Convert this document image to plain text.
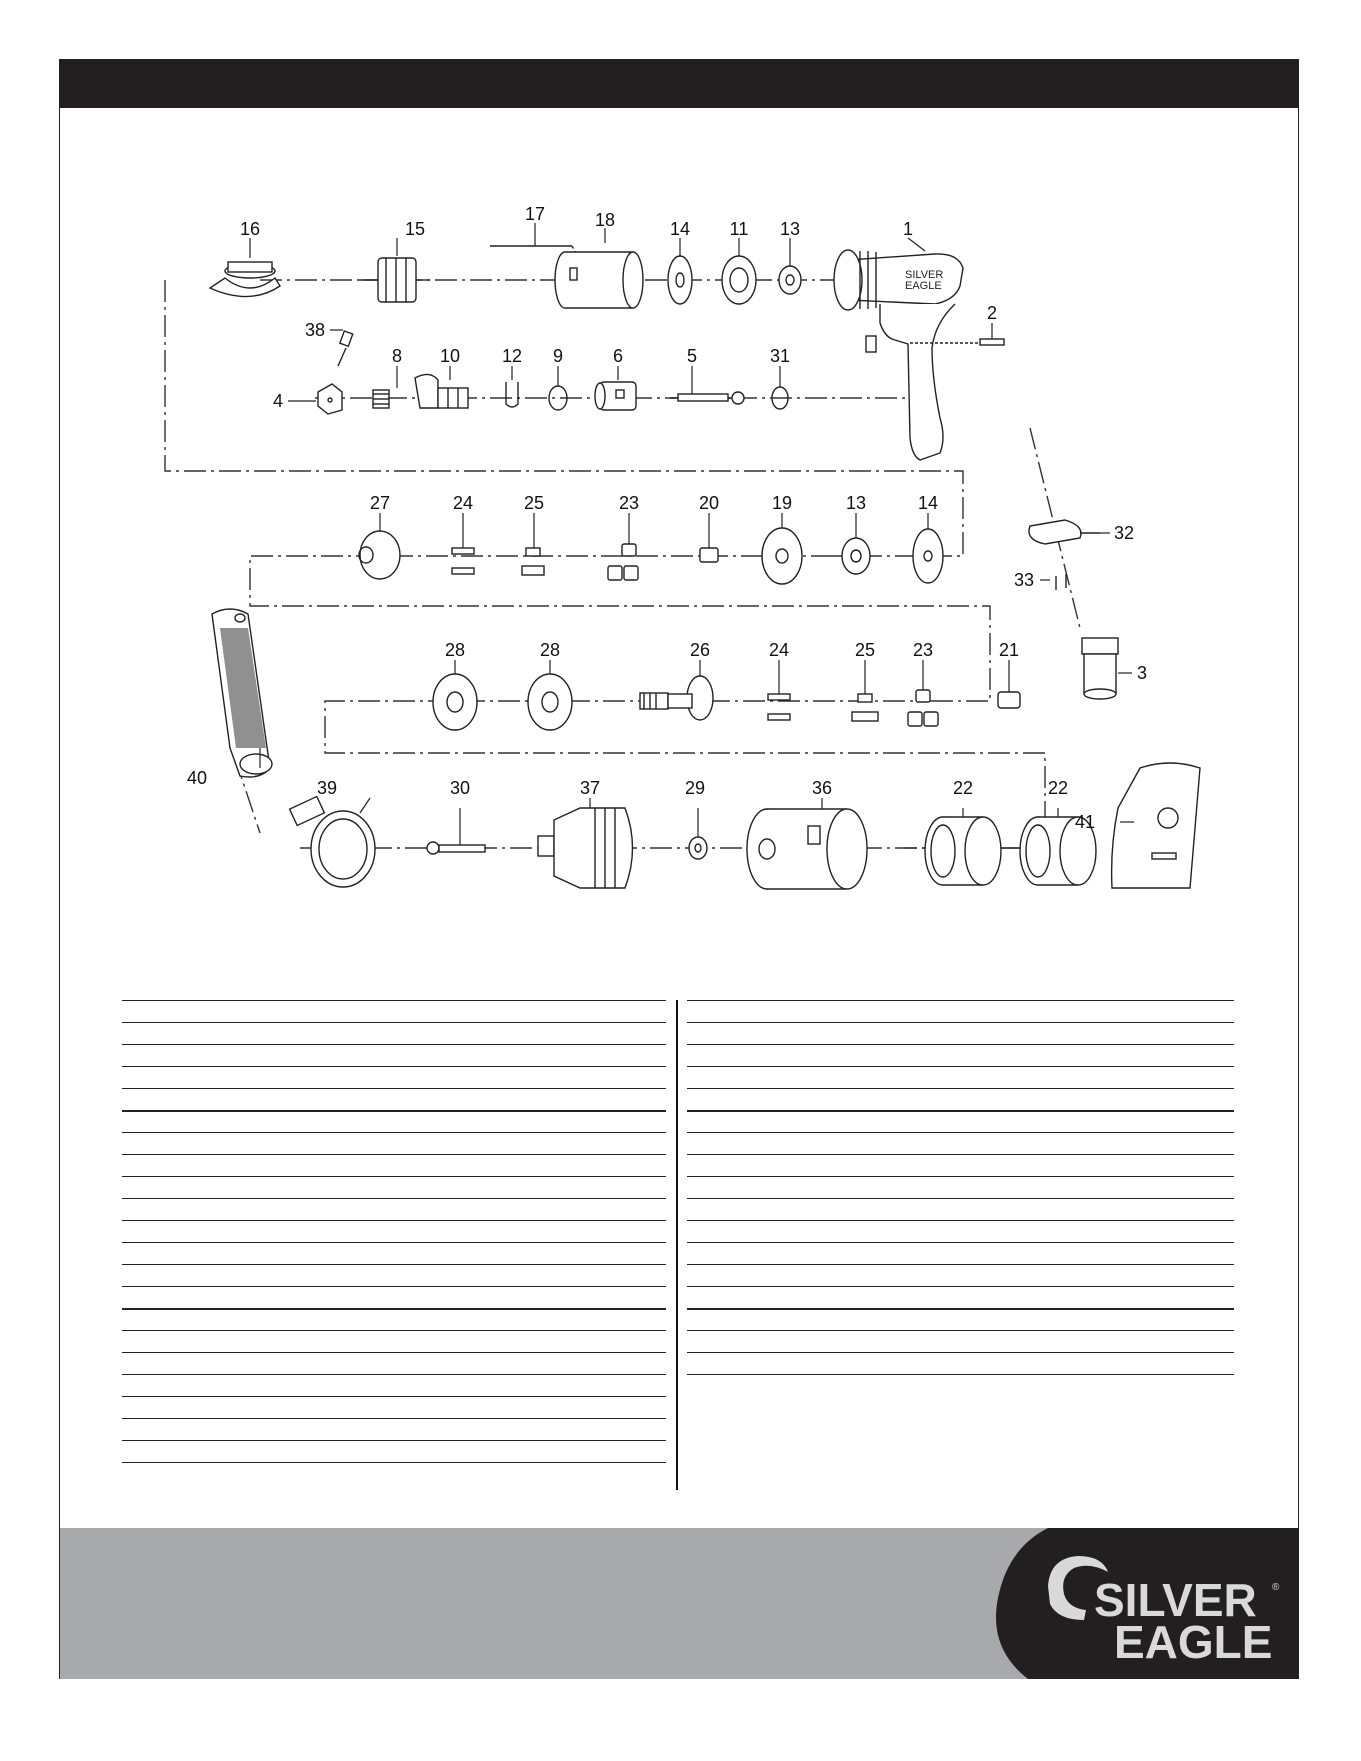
SILVER
EAGLE
16	15
17	18	14 11 13	1
2
38
8 10 12 9	6	5	31
4
27	24	25	23	20	19	13	14
32
33
3
28	28	26	24	25 23	21
40	39	30	37	29	36	22	22
41
SILVER
EAGLE
®
